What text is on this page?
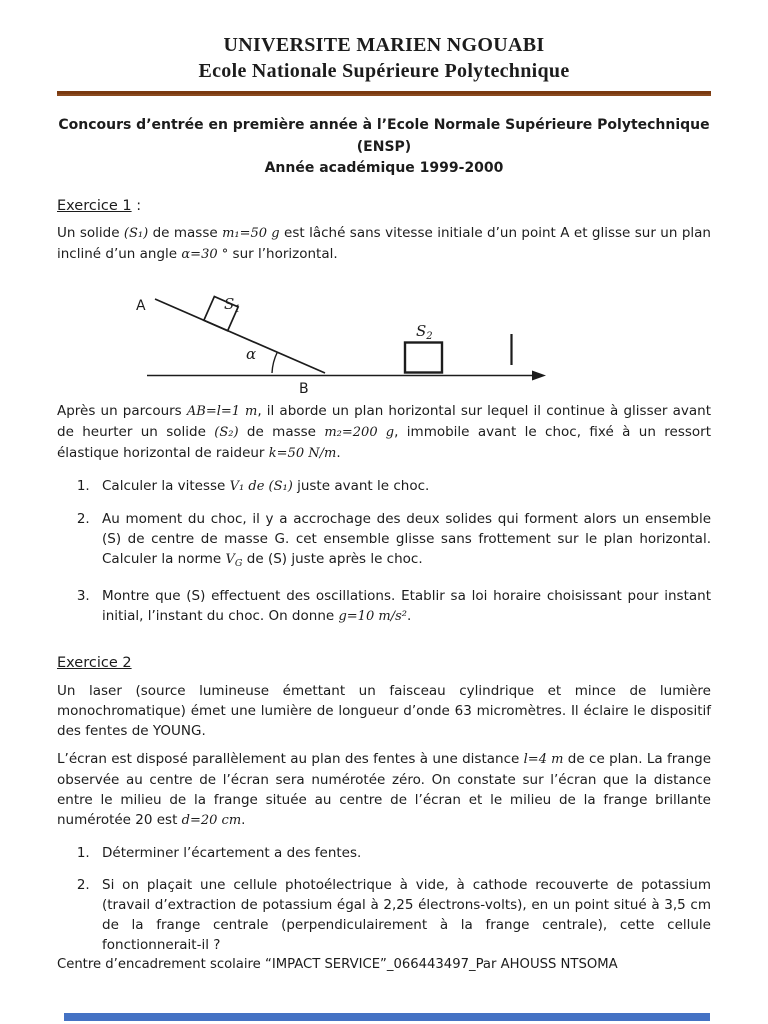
UNIVERSITE MARIEN NGOUABI
Ecole Nationale Supérieure Polytechnique
Concours d’entrée en première année à l’Ecole Normale Supérieure Polytechnique
(ENSP)
Année académique 1999-2000
Exercice 1 :

Un solide (S₁) de masse m₁=50 g est lâché sans vitesse initiale d’un point A et glisse sur un plan incliné d’un angle α=30 ° sur l’horizontal.

A	$S_1$
α
B
$S_2$

Après un parcours AB=l=1 m, il aborde un plan horizontal sur lequel il continue à glisser avant de heurter un solide (S₂) de masse m₂=200 g, immobile avant le choc, fixé à un ressort élastique horizontal de raideur k=50 N/m.

1. Calculer la vitesse V₁ de (S₁) juste avant le choc.
2. Au moment du choc, il y a accrochage des deux solides qui forment alors un ensemble (S) de centre de masse G. cet ensemble glisse sans frottement sur le plan horizontal. Calculer la norme $V_G$ de (S) juste après le choc.
3. Montre que (S) effectuent des oscillations. Etablir sa loi horaire choisissant pour instant initial, l’instant du choc. On donne g=10 m/s².
Exercice 2

Un laser (source lumineuse émettant un faisceau cylindrique et mince de lumière monochromatique) émet une lumière de longueur d’onde 63 micromètres. Il éclaire le dispositif des fentes de YOUNG.

L’écran est disposé parallèlement au plan des fentes à une distance l=4 m de ce plan. La frange observée au centre de l’écran sera numérotée zéro. On constate sur l’écran que la distance entre le milieu de la frange située au centre de l’écran et le milieu de la frange brillante numérotée 20 est d=20 cm.

1. Déterminer l’écartement a des fentes.
2. Si on plaçait une cellule photoélectrique à vide, à cathode recouverte de potassium (travail d’extraction de potassium égal à 2,25 électrons-volts), en un point situé à 3,5 cm de la frange centrale (perpendiculairement à la frange centrale), cette cellule fonctionnerait-il ?
Centre d’encadrement scolaire “IMPACT SERVICE”_066443497_Par AHOUSS NTSOMA
